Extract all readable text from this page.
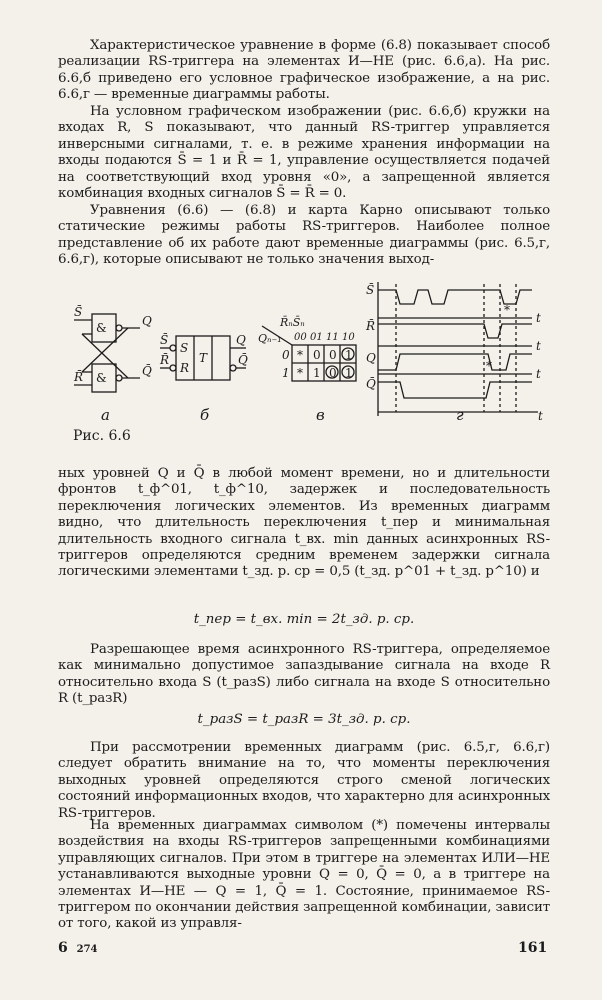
Характеристическое уравнение в форме (6.8) показывает способ реализации RS-триггера на элементах И—НЕ (рис. 6.6,а). На рис. 6.6,б приведено его условное графическое изображение, а на рис. 6.6,г — временные диаграммы работы.

На условном графическом изображении (рис. 6.6,б) кружки на входах R, S показывают, что данный RS-триггер управляется инверсными сигналами, т. е. в режиме хранения информации на входы подаются S̄ = 1 и R̄ = 1, управление осуществляется подачей на соответствующий вход уровня «0», а запрещенной является комбинация входных сигналов S̄ = R̄ = 0.

Уравнения (6.6) — (6.8) и карта Карно описывают только статические режимы работы RS-триггеров. Наиболее полное представление об их работе дают временные диаграммы (рис. 6.5,г, 6.6,г), которые описывают не только значения выход-

&
&
S̄
R̄
Q
Q̄
а
S
T
R
S̄
R̄
Q
Q̄
б
R̄ₙS̄ₙ
Qₙ₋₁ 00 01 11 10
0
1
* 0 0 1
* 1 0 1
в
S̄
R̄
Q
Q̄
t
t
t
t
*
*
г
Рис. 6.6

ных уровней Q и Q̄ в любой момент времени, но и длительности фронтов t_ф^01, t_ф^10, задержек и последовательность переключения логических элементов. Из временных диаграмм видно, что длительность переключения t_пер и минимальная длительность входного сигнала t_вх. min данных асинхронных RS-триггеров определяются средним временем задержки сигнала логическими элементами t_зд. р. ср = 0,5 (t_зд. р^01 + t_зд. р^10) и

t_пер = t_вх. min = 2t_зд. р. ср.

Разрешающее время асинхронного RS-триггера, определяемое как минимально допустимое запаздывание сигнала на входе R относительно входа S (t_разS) либо сигнала на входе S относительно R (t_разR)

t_разS = t_разR = 3t_зд. р. ср.

При рассмотрении временных диаграмм (рис. 6.5,г, 6.6,г) следует обратить внимание на то, что моменты переключения выходных уровней определяются строго сменой логических состояний информационных входов, что характерно для асинхронных RS-триггеров.

На временных диаграммах символом (*) помечены интервалы воздействия на входы RS-триггеров запрещенными комбинациями управляющих сигналов. При этом в триггере на элементах ИЛИ—НЕ устанавливаются выходные уровни Q = 0, Q̄ = 0, а в триггере на элементах И—НЕ — Q = 1, Q̄ = 1. Состояние, принимаемое RS-триггером по окончании действия запрещенной комбинации, зависит от того, какой из управля-

6 274	161
